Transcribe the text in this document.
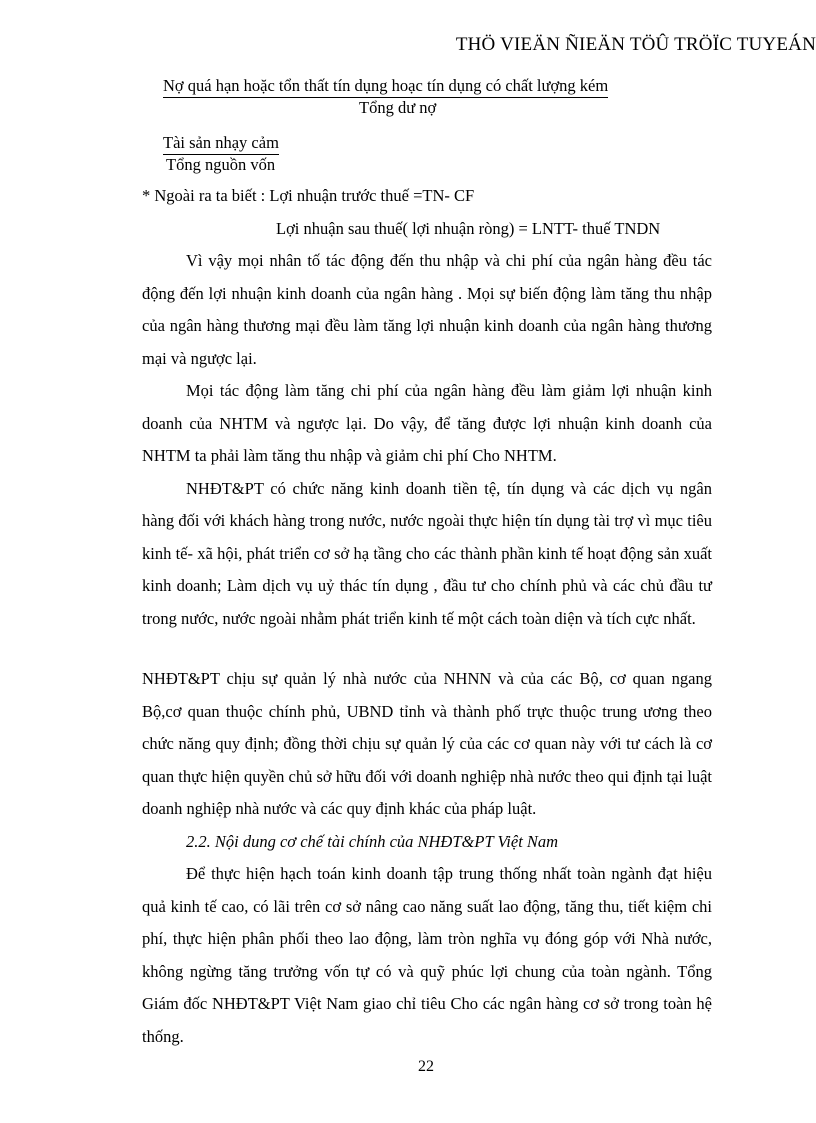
THÖ VIEÄN ÑIEÄN TÖÛ TRÖÏC TUYEÁN
Nợ quá hạn hoặc tổn thất tín dụng hoạc tín dụng có chất lượng kém
Tổng dư nợ
Tài sản nhạy cảm
Tổng nguồn vốn
* Ngoài ra ta biết : Lợi nhuận trước thuế =TN- CF
Lợi nhuận sau thuế( lợi nhuận ròng) = LNTT- thuế TNDN

Vì vậy mọi nhân tố tác động đến thu nhập và chi phí của ngân hàng đều tác động đến lợi nhuận kinh doanh của ngân hàng . Mọi sự biến động làm tăng thu nhập của ngân hàng thương mại đều làm tăng lợi nhuận kinh doanh của ngân hàng thương mại và ngược lại.

Mọi tác động làm tăng chi phí của ngân hàng đều làm giảm lợi nhuận kinh doanh của NHTM và ngược lại. Do vậy, để tăng được lợi nhuận kinh doanh của NHTM ta phải làm tăng thu nhập và giảm chi phí Cho NHTM.

NHĐT&PT có chức năng kinh doanh tiền tệ, tín dụng và các dịch vụ ngân hàng đối với khách hàng trong nước, nước ngoài thực hiện tín dụng tài trợ vì mục tiêu kinh tế- xã hội, phát triển cơ sở hạ tầng cho các thành phần kinh tế hoạt động sản xuất kinh doanh; Làm dịch vụ uỷ thác tín dụng , đầu tư cho chính phủ và các chủ đầu tư trong nước, nước ngoài nhằm phát triển kinh tế một cách toàn diện và tích cực nhất.

NHĐT&PT chịu sự quản lý nhà nước của NHNN và của các Bộ, cơ quan ngang Bộ,cơ quan thuộc chính phủ, UBND tỉnh và thành phố trực thuộc trung ương theo chức năng quy định; đồng thời chịu sự quản lý của các cơ quan này với tư cách là cơ quan thực hiện quyền chủ sở hữu đối với doanh nghiệp nhà nước theo qui định tại luật doanh nghiệp nhà nước và các quy định khác của pháp luật.

2.2. Nội dung cơ chế tài chính của NHĐT&PT Việt Nam

Để thực hiện hạch toán kinh doanh tập trung thống nhất toàn ngành đạt hiệu quả kinh tế cao, có lãi trên cơ sở nâng cao năng suất lao động, tăng thu, tiết kiệm chi phí, thực hiện phân phối theo lao động, làm tròn nghĩa vụ đóng góp với Nhà nước, không ngừng tăng trưởng vốn tự có và quỹ phúc lợi chung của toàn ngành. Tổng Giám đốc NHĐT&PT Việt Nam giao chỉ tiêu Cho các ngân hàng cơ sở trong toàn hệ thống.

22
